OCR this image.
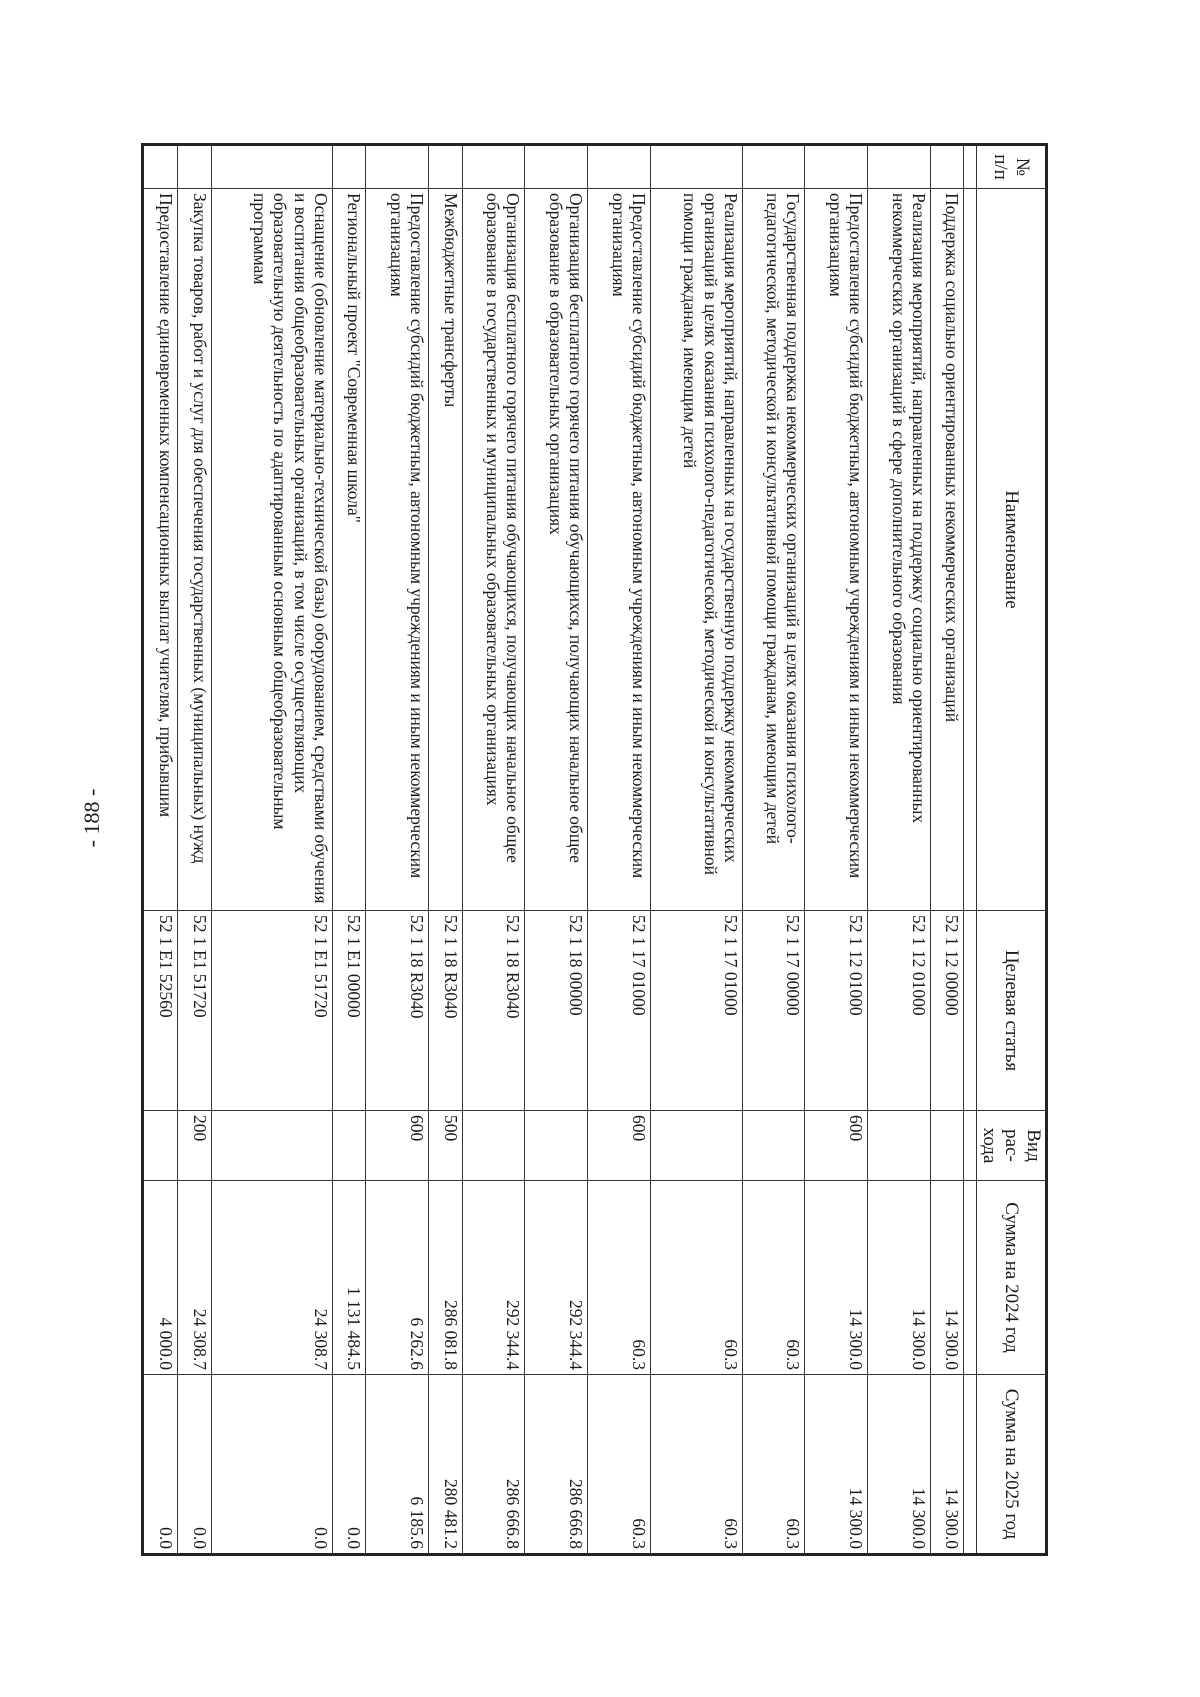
- 188 -
№ п/п	Наименование	Целевая статья	Вид рас- хода	Сумма на 2024 год	Сумма на 2025 год

	Поддержка социально ориентированных некоммерческих организаций	52 1 12 00000		14 300.0	14 300.0
	Реализация мероприятий, направленных на поддержку социально ориентированных некоммерческих организаций в сфере дополнительного образования	52 1 12 01000		14 300.0	14 300.0
	Предоставление субсидий бюджетным, автономным учреждениям и иным некоммерческим организациям	52 1 12 01000	600	14 300.0	14 300.0
	Государственная поддержка некоммерческих организаций в целях оказания психолого-педагогической, методической и консультативной помощи гражданам, имеющим детей	52 1 17 00000		60.3	60.3
	Реализация мероприятий, направленных на государственную поддержку некоммерческих организаций в целях оказания психолого-педагогической, методической и консультативной помощи гражданам, имеющим детей	52 1 17 01000		60.3	60.3
	Предоставление субсидий бюджетным, автономным учреждениям и иным некоммерческим организациям	52 1 17 01000	600	60.3	60.3
	Организация бесплатного горячего питания обучающихся, получающих начальное общее образование в образовательных организациях	52 1 18 00000		292 344.4	286 666.8
	Организация бесплатного горячего питания обучающихся, получающих начальное общее образование в государственных и муниципальных образовательных организациях	52 1 18 R3040		292 344.4	286 666.8
	Межбюджетные трансферты	52 1 18 R3040	500	286 081.8	280 481.2
	Предоставление субсидий бюджетным, автономным учреждениям и иным некоммерческим организациям	52 1 18 R3040	600	6 262.6	6 185.6
	Региональный проект "Современная школа"	52 1 E1 00000		1 131 484.5	0.0
	Оснащение (обновление материально-технической базы) оборудованием, средствами обучения и воспитания общеобразовательных организаций, в том числе осуществляющих образовательную деятельность по адаптированным основным общеобразовательным программам	52 1 E1 51720		24 308.7	0.0
	Закупка товаров, работ и услуг для обеспечения государственных (муниципальных) нужд	52 1 E1 51720	200	24 308.7	0.0
	Предоставление единовременных компенсационных выплат учителям, прибывшим	52 1 E1 52560		4 000.0	0.0
